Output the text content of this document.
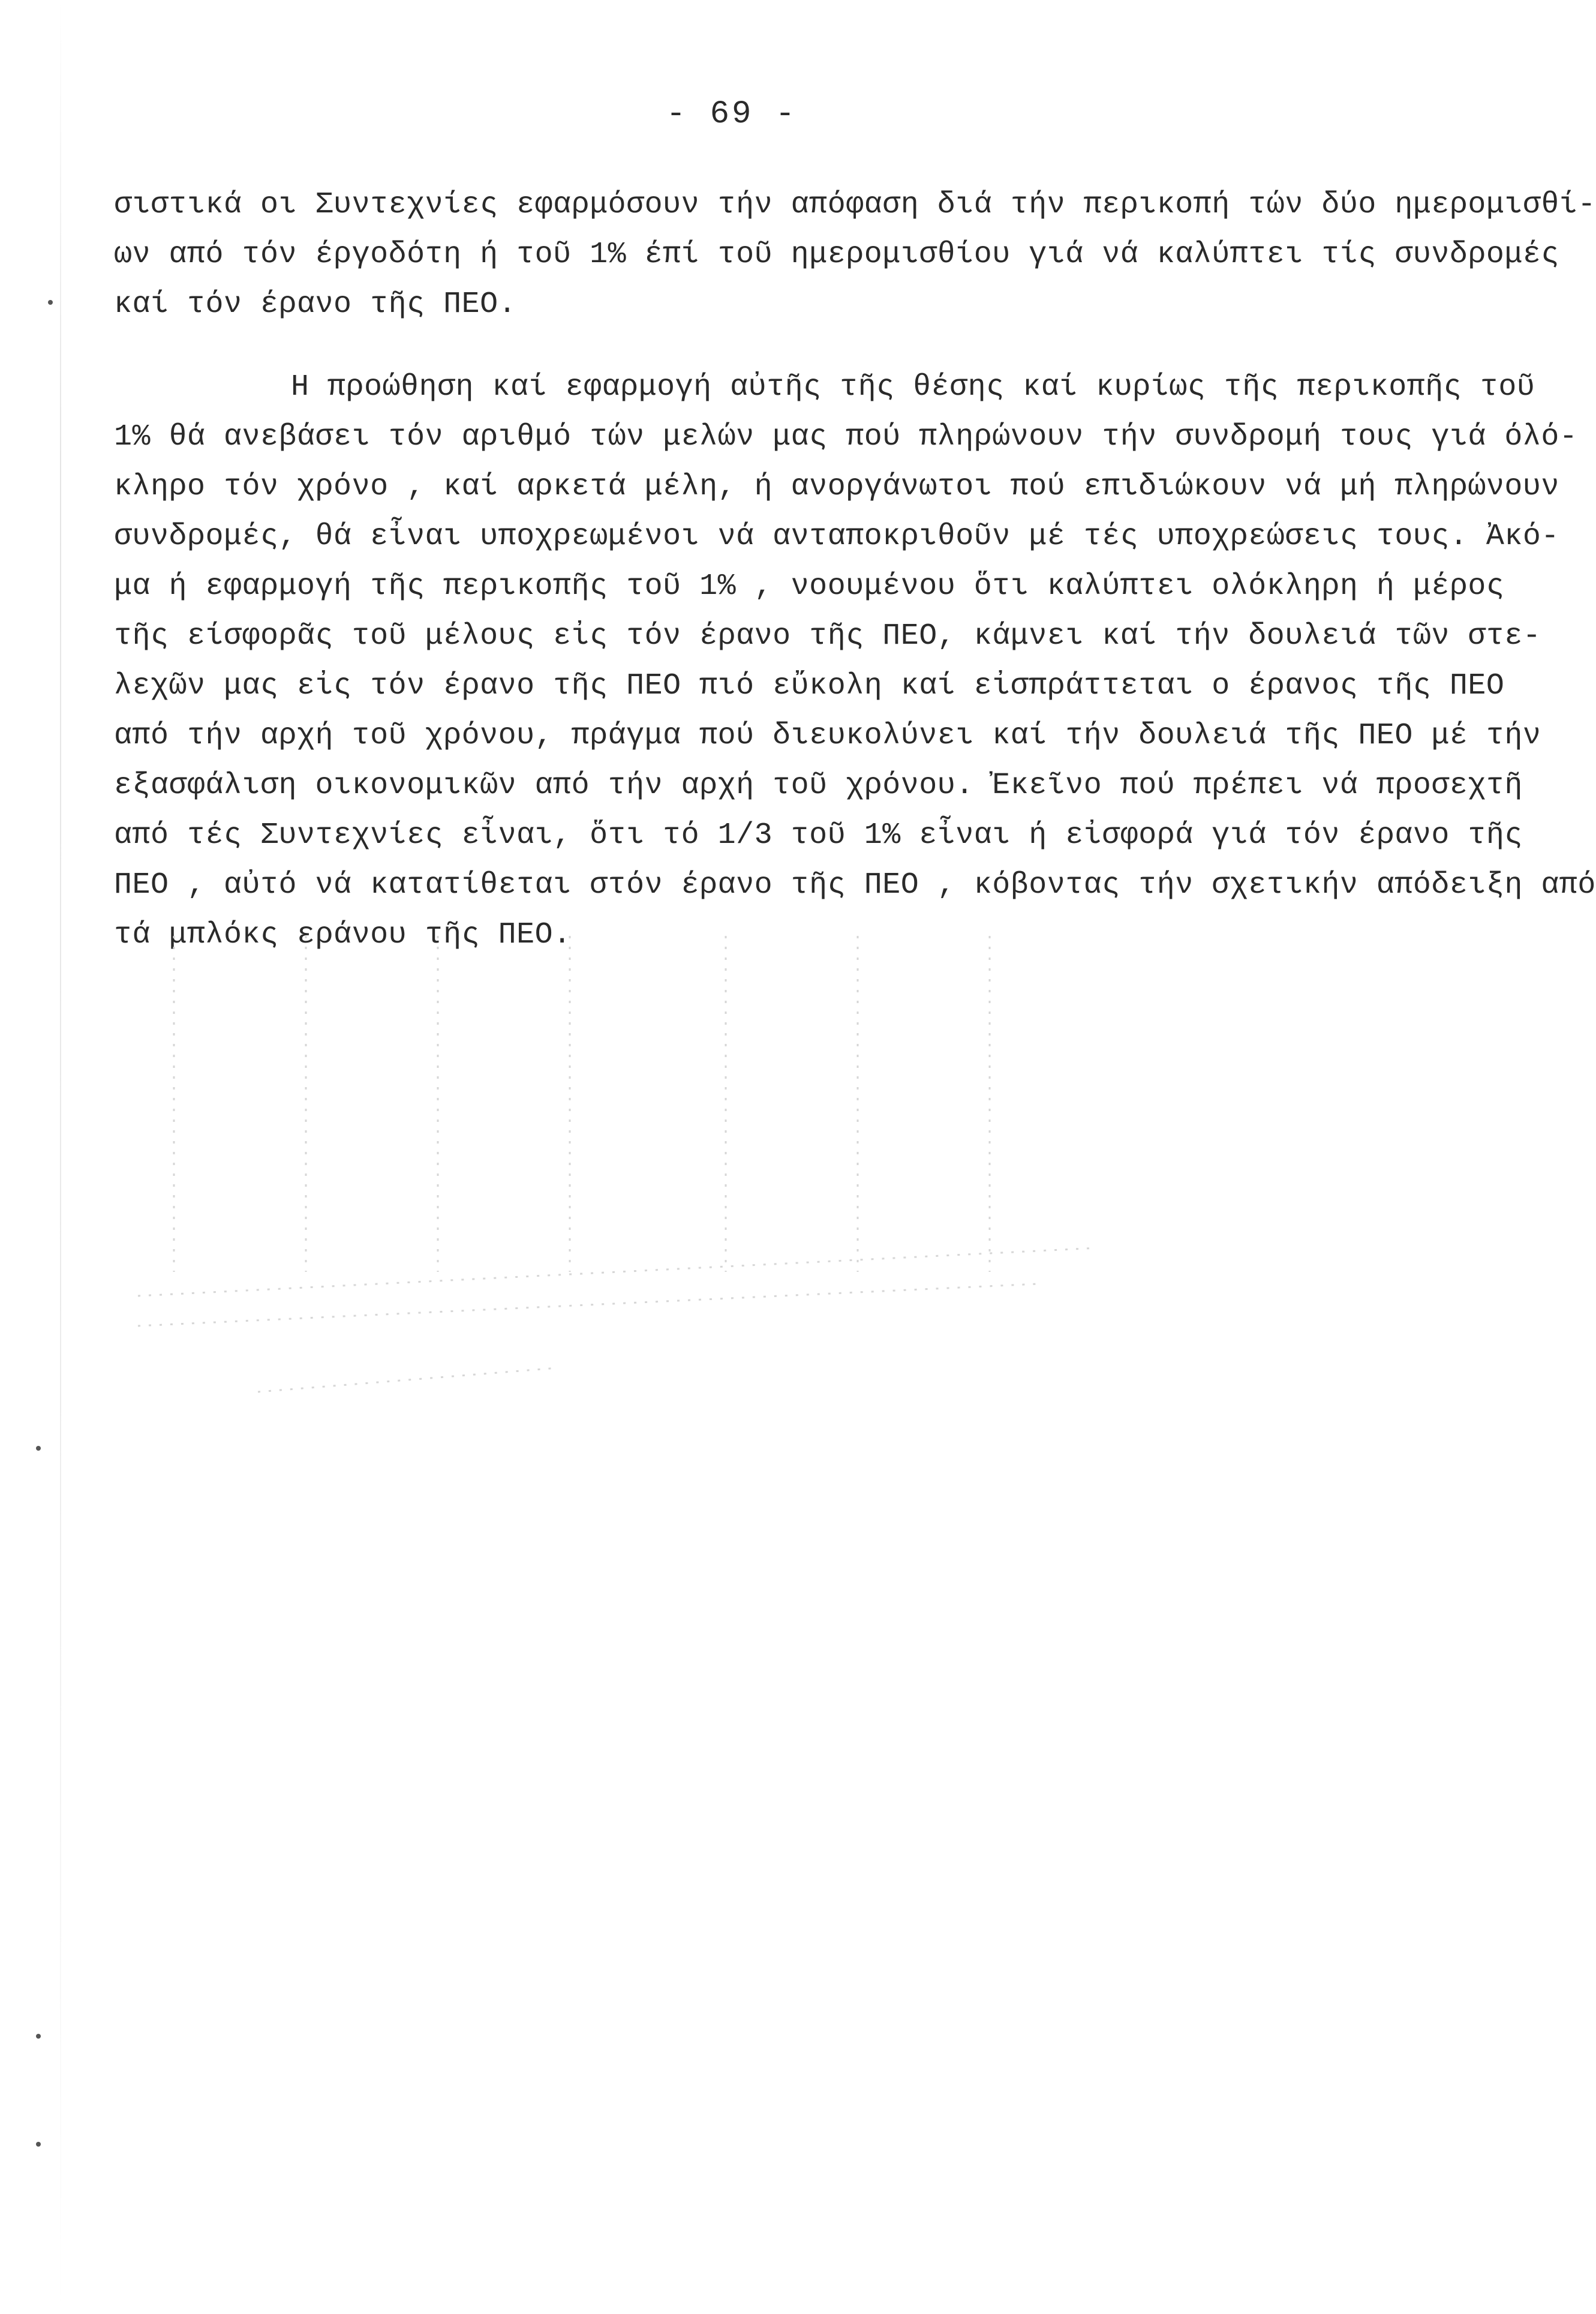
- 69 -
σιστικά οι Συντεχνίες εφαρμόσουν τήν απόφαση διά τήν περικοπή τών δύο ημερομισθί-
ων από τόν έργοδότη ή τοῦ 1% έπί τοῦ ημερομισθίου γιά νά καλύπτει τίς συνδρομές
καί τόν έρανο τῆς ΠΕΟ.
Η προώθηση καί εφαρμογή αὐτῆς τῆς θέσης καί κυρίως τῆς περικοπῆς τοῦ
1% θά ανεβάσει τόν αριθμό τών μελών μας πού πληρώνουν τήν συνδρομή τους γιά όλό-
κληρο τόν χρόνο , καί αρκετά μέλη, ή ανοργάνωτοι πού επιδιώκουν νά μή πληρώνουν
συνδρομές, θά εἶναι υποχρεωμένοι νά ανταποκριθοῦν μέ τές υποχρεώσεις τους. Ἀκό-
μα ή εφαρμογή τῆς περικοπῆς τοῦ 1% , νοουμένου ὅτι καλύπτει ολόκληρη ή μέρος
τῆς είσφορᾶς τοῦ μέλους εἰς τόν έρανο τῆς ΠΕΟ, κάμνει καί τήν δουλειά τῶν στε-
λεχῶν μας εἰς τόν έρανο τῆς ΠΕΟ πιό εὔκολη καί εἰσπράττεται ο έρανος τῆς ΠΕΟ
από τήν αρχή τοῦ χρόνου, πράγμα πού διευκολύνει καί τήν δουλειά τῆς ΠΕΟ μέ τήν
εξασφάλιση οικονομικῶν από τήν αρχή τοῦ χρόνου. Ἐκεῖνο πού πρέπει νά προσεχτῆ
από τές Συντεχνίες εἶναι, ὅτι τό 1/3 τοῦ 1% εἶναι ή εἰσφορά γιά τόν έρανο τῆς
ΠΕΟ , αὐτό νά κατατίθεται στόν έρανο τῆς ΠΕΟ , κόβοντας τήν σχετικήν απόδειξη από
τά μπλόκς εράνου τῆς ΠΕΟ.
